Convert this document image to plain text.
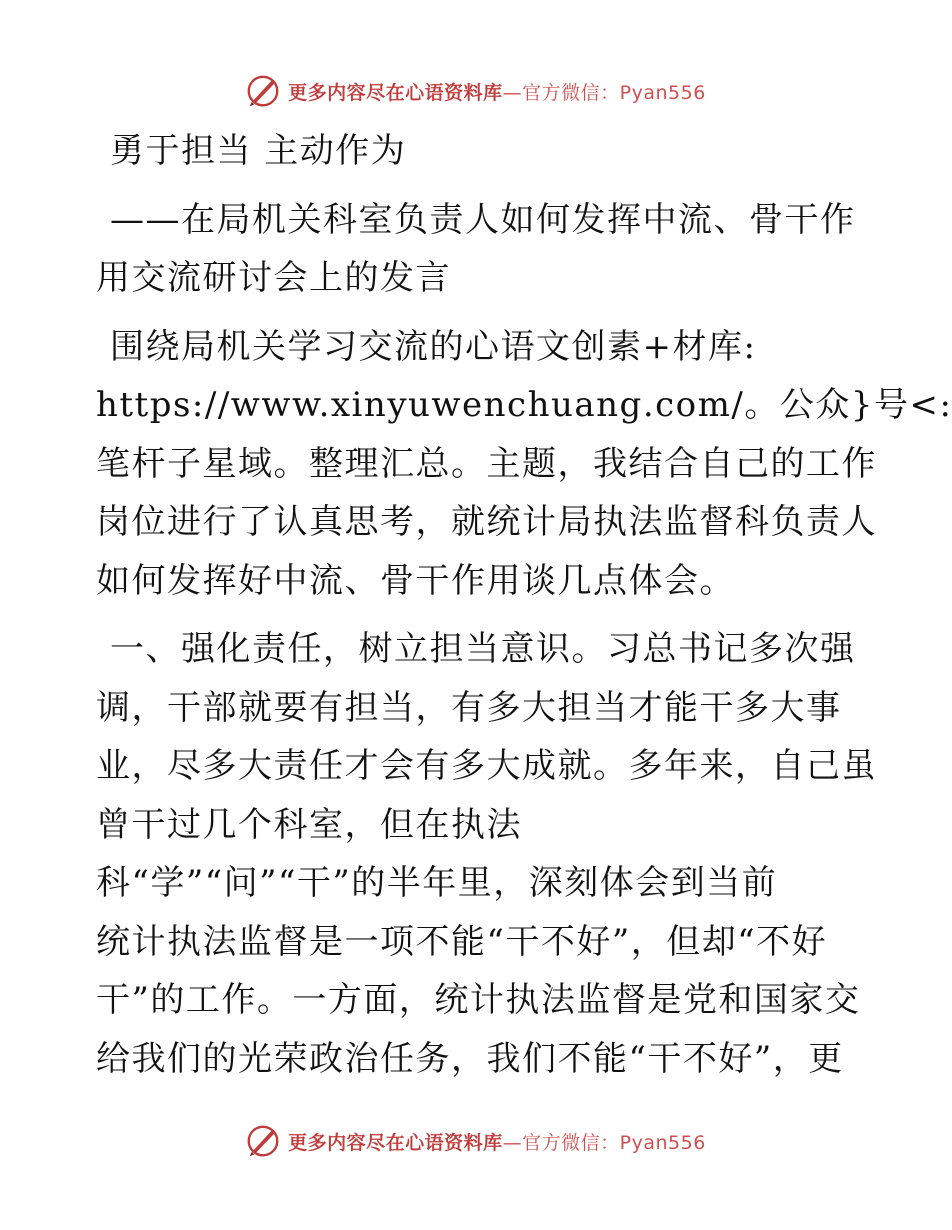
更多内容尽在心语资料库—官方微信：Pyan556
勇于担当 主动作为
——在局机关科室负责人如何发挥中流、骨干作
用交流研讨会上的发言
围绕局机关学习交流的心语文创素+材库:
https://www.xinyuwenchuang.com/。公众}号<:
笔杆子星域。整理汇总。主题，我结合自己的工作
岗位进行了认真思考，就统计局执法监督科负责人
如何发挥好中流、骨干作用谈几点体会。
一、强化责任，树立担当意识。习总书记多次强
调，干部就要有担当，有多大担当才能干多大事
业，尽多大责任才会有多大成就。多年来，自己虽
曾干过几个科室，但在执法
科“学”“问”“干”的半年里，深刻体会到当前
统计执法监督是一项不能“干不好”，但却“不好
干”的工作。一方面，统计执法监督是党和国家交
给我们的光荣政治任务，我们不能“干不好”，更
更多内容尽在心语资料库—官方微信：Pyan556
